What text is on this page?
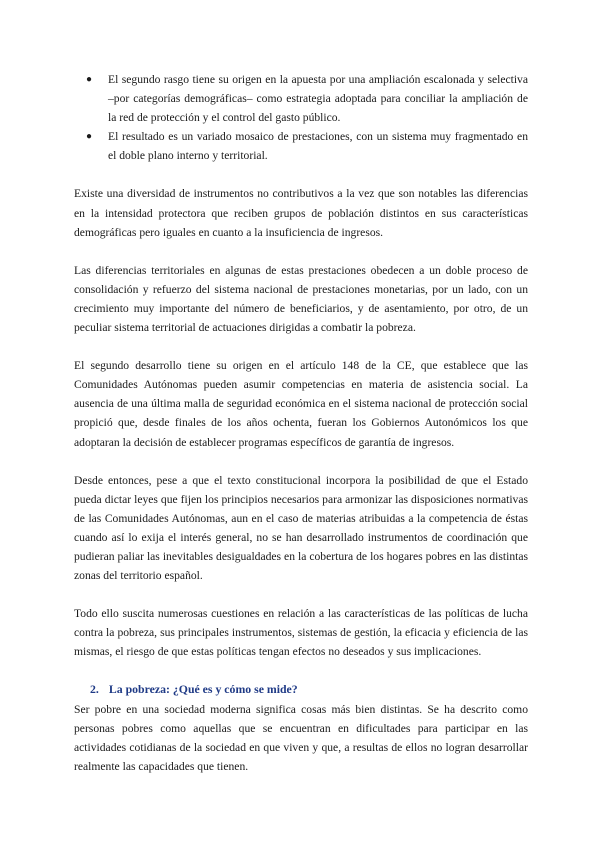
● El segundo rasgo tiene su origen en la apuesta por una ampliación escalonada y selectiva –por categorías demográficas– como estrategia adoptada para conciliar la ampliación de la red de protección y el control del gasto público.
● El resultado es un variado mosaico de prestaciones, con un sistema muy fragmentado en el doble plano interno y territorial.

Existe una diversidad de instrumentos no contributivos a la vez que son notables las diferencias en la intensidad protectora que reciben grupos de población distintos en sus características demográficas pero iguales en cuanto a la insuficiencia de ingresos.

Las diferencias territoriales en algunas de estas prestaciones obedecen a un doble proceso de consolidación y refuerzo del sistema nacional de prestaciones monetarias, por un lado, con un crecimiento muy importante del número de beneficiarios, y de asentamiento, por otro, de un peculiar sistema territorial de actuaciones dirigidas a combatir la pobreza.

El segundo desarrollo tiene su origen en el artículo 148 de la CE, que establece que las Comunidades Autónomas pueden asumir competencias en materia de asistencia social. La ausencia de una última malla de seguridad económica en el sistema nacional de protección social propició que, desde finales de los años ochenta, fueran los Gobiernos Autonómicos los que adoptaran la decisión de establecer programas específicos de garantía de ingresos.

Desde entonces, pese a que el texto constitucional incorpora la posibilidad de que el Estado pueda dictar leyes que fijen los principios necesarios para armonizar las disposiciones normativas de las Comunidades Autónomas, aun en el caso de materias atribuidas a la competencia de éstas cuando así lo exija el interés general, no se han desarrollado instrumentos de coordinación que pudieran paliar las inevitables desigualdades en la cobertura de los hogares pobres en las distintas zonas del territorio español.

Todo ello suscita numerosas cuestiones en relación a las características de las políticas de lucha contra la pobreza, sus principales instrumentos, sistemas de gestión, la eficacia y eficiencia de las mismas, el riesgo de que estas políticas tengan efectos no deseados y sus implicaciones.

2. La pobreza: ¿Qué es y cómo se mide?

Ser pobre en una sociedad moderna significa cosas más bien distintas. Se ha descrito como personas pobres como aquellas que se encuentran en dificultades para participar en las actividades cotidianas de la sociedad en que viven y que, a resultas de ellos no logran desarrollar realmente las capacidades que tienen.
